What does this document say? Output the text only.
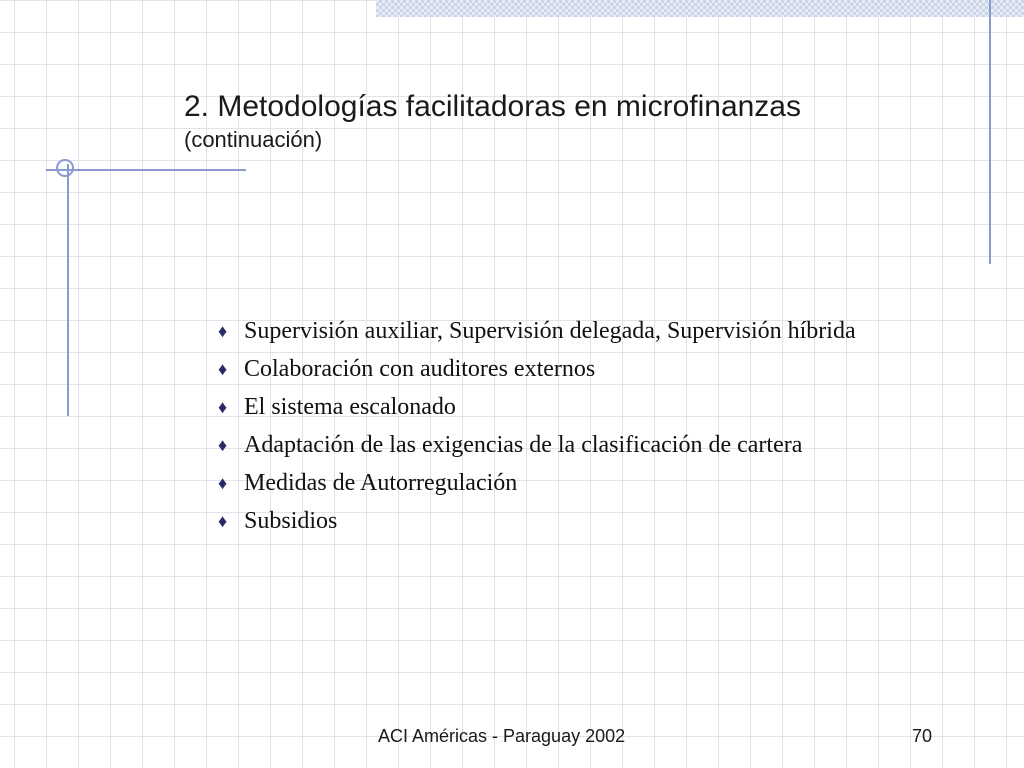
2. Metodologías facilitadoras en microfinanzas
(continuación)
♦ Supervisión auxiliar, Supervisión delegada, Supervisión híbrida
♦ Colaboración con auditores externos
♦ El sistema escalonado
♦ Adaptación de las exigencias de la clasificación de cartera
♦ Medidas de Autorregulación
♦ Subsidios
ACI Américas - Paraguay 2002	70
